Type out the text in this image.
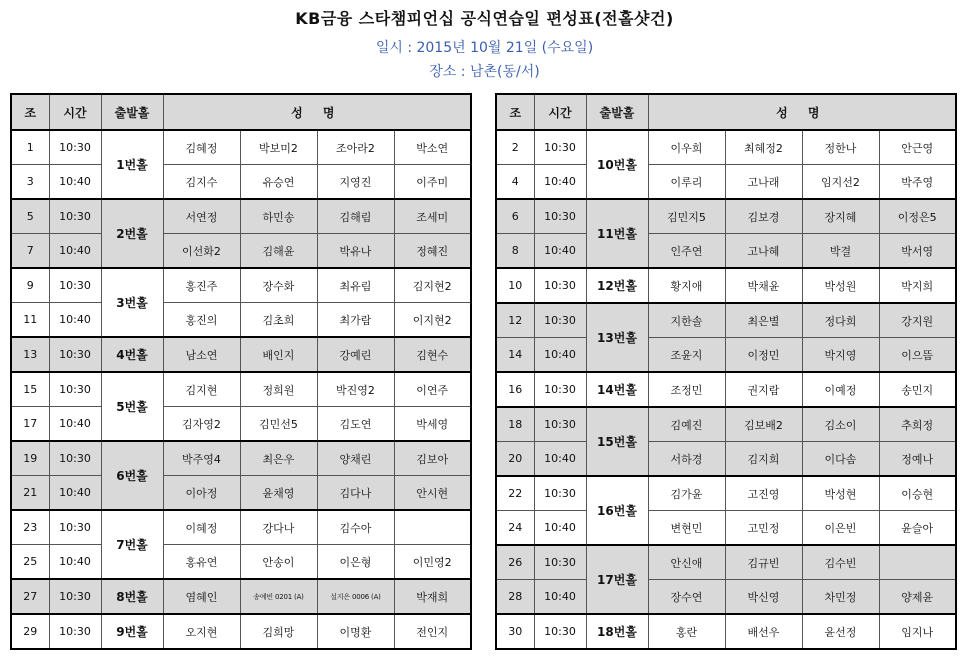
KB금융 스타챔피언십 공식연습일 편성표(전홀샷건)
일시 : 2015년 10월 21일 (수요일)
장소 : 남촌(동/서)
조	시간	출발홀	성 명			
1	10:30	1번홀	김혜정	박보미2	조아라2	박소연
3	10:40		김지수	유승연	지영진	이주미
5	10:30	2번홀	서연정	하민송	김해림	조세미
7	10:40		이선화2	김해윤	박유나	정혜진
9	10:30	3번홀	홍진주	장수화	최유림	김지현2
11	10:40		홍진의	김초희	최가람	이지현2
13	10:30	4번홀	남소연	배인지	강예린	김현수
15	10:30	5번홀	김지현	정희원	박진영2	이연주
17	10:40		김자영2	김민선5	김도연	박세영
19	10:30	6번홀	박주영4	최은우	양채린	김보아
21	10:40		이아정	윤채영	김다나	안시현
23	10:30	7번홀	이혜정	강다나	김수아	
25	10:40		홍유연	안송이	이은형	이민영2
27	10:30	8번홀	염혜인	송예빈 0201 (A)	설지은 0006 (A)	박재희
29	10:30	9번홀	오지현	김희망	이명환	전인지
조	시간	출발홀	성 명			
2	10:30	10번홀	이우희	최혜정2	정한나	안근영
4	10:40		이루리	고나래	임지선2	박주영
6	10:30	11번홀	김민지5	김보경	장지혜	이정은5
8	10:40		인주연	고나혜	박결	박서영
10	10:30	12번홀	황지애	박채윤	박성원	박지희
12	10:30	13번홀	지한솔	최은별	정다희	강지원
14	10:40		조윤지	이정민	박지영	이으뜸
16	10:30	14번홀	조정민	권지람	이예정	송민지
18	10:30	15번홀	김예진	김보배2	김소이	추희정
20	10:40		서하경	김지희	이다솜	정예나
22	10:30	16번홀	김가윤	고진영	박성현	이승현
24	10:40		변현민	고민정	이은빈	윤슬아
26	10:30	17번홀	안신애	김규빈	김수빈	
28	10:40		장수연	박신영	차민정	양제윤
30	10:30	18번홀	홍란	배선우	윤선정	임지나
